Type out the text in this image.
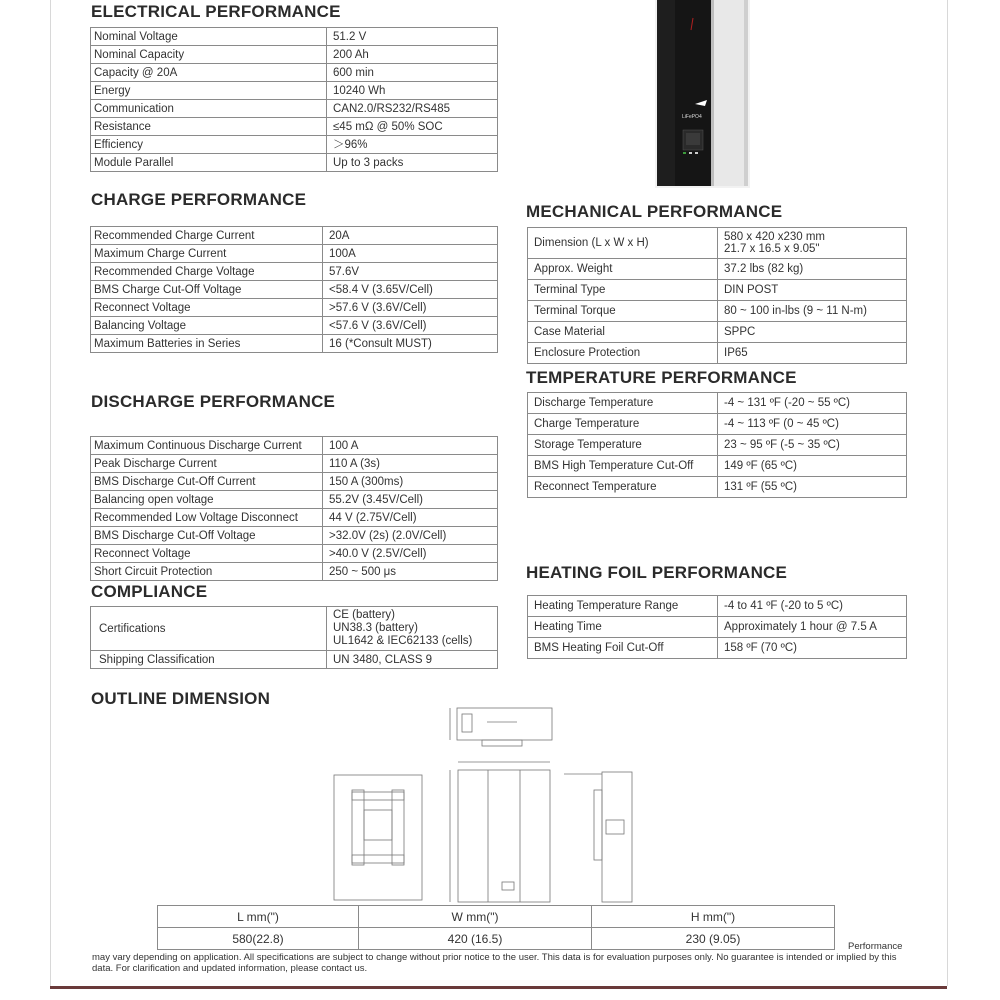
LiFePO4
ELECTRICAL PERFORMANCE
Nominal Voltage	51.2 V
Nominal Capacity	200 Ah
Capacity @ 20A	600 min
Energy	10240 Wh
Communication	CAN2.0/RS232/RS485
Resistance	≤45 mΩ @ 50% SOC
Efficiency	＞96%
Module Parallel	Up to 3 packs
CHARGE PERFORMANCE
Recommended Charge Current	20A
Maximum Charge Current	100A
Recommended Charge Voltage	57.6V
BMS Charge Cut-Off Voltage	<58.4 V (3.65V/Cell)
Reconnect Voltage	>57.6 V (3.6V/Cell)
Balancing Voltage	<57.6 V (3.6V/Cell)
Maximum Batteries in Series	16 (*Consult MUST)
DISCHARGE PERFORMANCE
Maximum Continuous Discharge Current	100 A
Peak Discharge Current	110 A (3s)
BMS Discharge Cut-Off Current	150 A (300ms)
Balancing open voltage	55.2V (3.45V/Cell)
Recommended Low Voltage Disconnect	44 V (2.75V/Cell)
BMS Discharge Cut-Off Voltage	>32.0V (2s) (2.0V/Cell)
Reconnect Voltage	>40.0 V (2.5V/Cell)
Short Circuit Protection	250 ~ 500 μs
COMPLIANCE
Certifications	CE (battery)
UN38.3 (battery)
UL1642 & IEC62133 (cells)

Shipping Classification	UN 3480, CLASS 9
MECHANICAL PERFORMANCE
Dimension (L x W x H)	580 x 420 x230 mm
21.7 x 16.5 x 9.05"

Approx. Weight	37.2 lbs (82 kg)
Terminal Type	DIN POST
Terminal Torque	80 ~ 100 in-lbs (9 ~ 11 N-m)
Case Material	SPPC
Enclosure Protection	IP65
TEMPERATURE PERFORMANCE
Discharge Temperature	-4 ~ 131 ºF (-20 ~ 55 ºC)
Charge Temperature	-4 ~ 113 ºF (0 ~ 45 ºC)
Storage Temperature	23 ~ 95 ºF (-5 ~ 35 ºC)
BMS High Temperature Cut-Off	149 ºF (65 ºC)
Reconnect Temperature	131 ºF (55 ºC)
HEATING FOIL PERFORMANCE
Heating Temperature Range	-4 to 41 ºF (-20 to 5 ºC)
Heating Time	Approximately 1 hour @ 7.5 A
BMS Heating Foil Cut-Off	158 ºF (70 ºC)
OUTLINE DIMENSION
L mm(")	W mm(")	H mm(")
580(22.8)	420 (16.5)	230 (9.05)
Performance
may vary depending on application. All specifications are subject to change without prior notice to the user. This data is for evaluation purposes only. No guarantee is intended or implied by this data. For clarification and updated information, please contact us.
